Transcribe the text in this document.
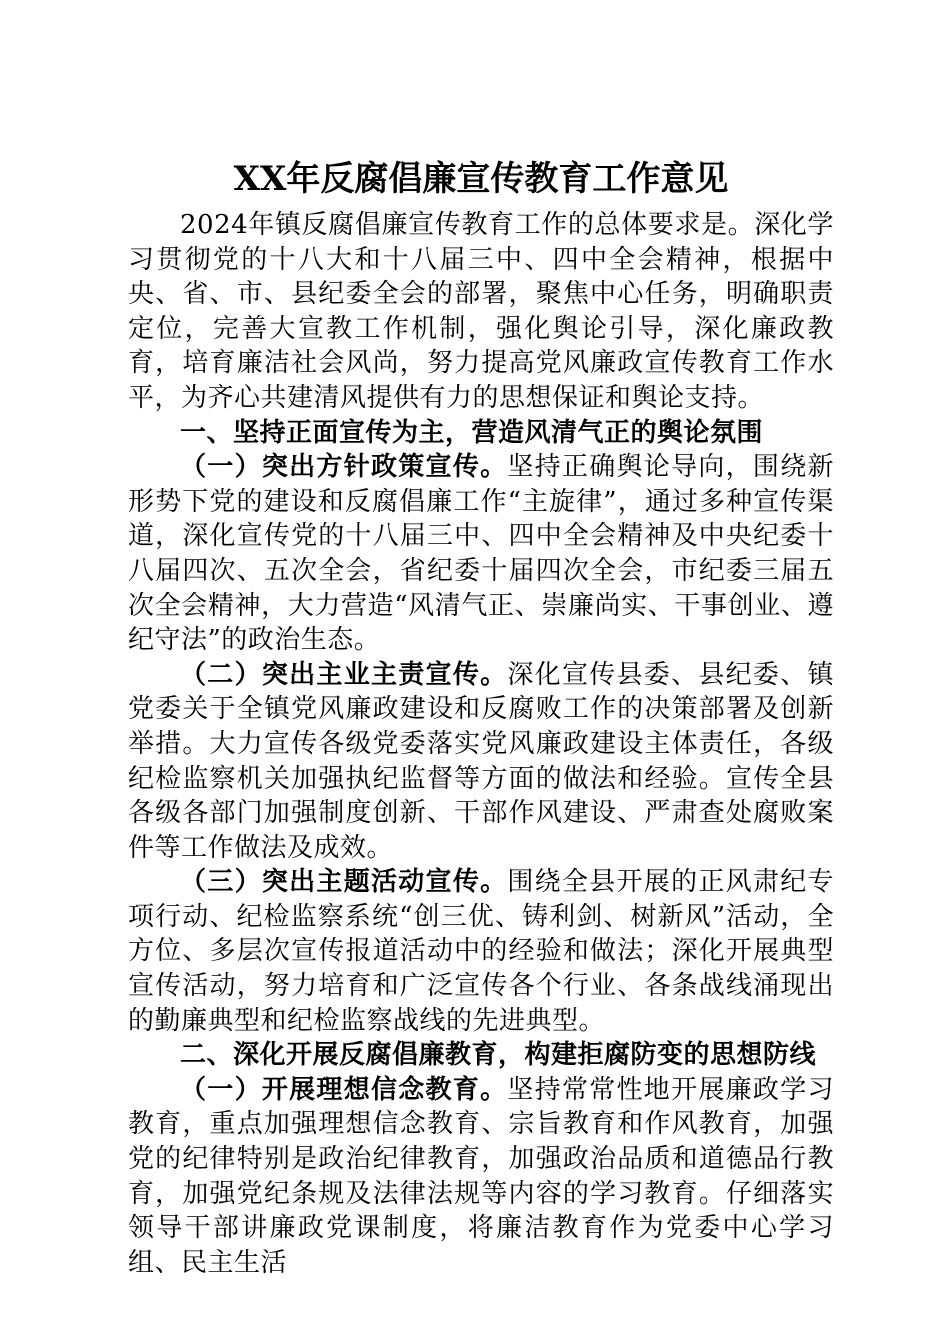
XX年反腐倡廉宣传教育工作意见

2024年镇反腐倡廉宣传教育工作的总体要求是。深化学习贯彻党的十八大和十八届三中、四中全会精神，根据中央、省、市、县纪委全会的部署，聚焦中心任务，明确职责定位，完善大宣教工作机制，强化舆论引导，深化廉政教育，培育廉洁社会风尚，努力提高党风廉政宣传教育工作水平，为齐心共建清风提供有力的思想保证和舆论支持。

一、坚持正面宣传为主，营造风清气正的舆论氛围

（一）突出方针政策宣传。坚持正确舆论导向，围绕新形势下党的建设和反腐倡廉工作“主旋律”，通过多种宣传渠道，深化宣传党的十八届三中、四中全会精神及中央纪委十八届四次、五次全会，省纪委十届四次全会，市纪委三届五次全会精神，大力营造“风清气正、崇廉尚实、干事创业、遵纪守法”的政治生态。

（二）突出主业主责宣传。深化宣传县委、县纪委、镇党委关于全镇党风廉政建设和反腐败工作的决策部署及创新举措。大力宣传各级党委落实党风廉政建设主体责任，各级纪检监察机关加强执纪监督等方面的做法和经验。宣传全县各级各部门加强制度创新、干部作风建设、严肃查处腐败案件等工作做法及成效。

（三）突出主题活动宣传。围绕全县开展的正风肃纪专项行动、纪检监察系统“创三优、铸利剑、树新风”活动，全方位、多层次宣传报道活动中的经验和做法；深化开展典型宣传活动，努力培育和广泛宣传各个行业、各条战线涌现出的勤廉典型和纪检监察战线的先进典型。

二、深化开展反腐倡廉教育，构建拒腐防变的思想防线

（一）开展理想信念教育。坚持常常性地开展廉政学习教育，重点加强理想信念教育、宗旨教育和作风教育，加强党的纪律特别是政治纪律教育，加强政治品质和道德品行教育，加强党纪条规及法律法规等内容的学习教育。仔细落实领导干部讲廉政党课制度，将廉洁教育作为党委中心学习组、民主生活
